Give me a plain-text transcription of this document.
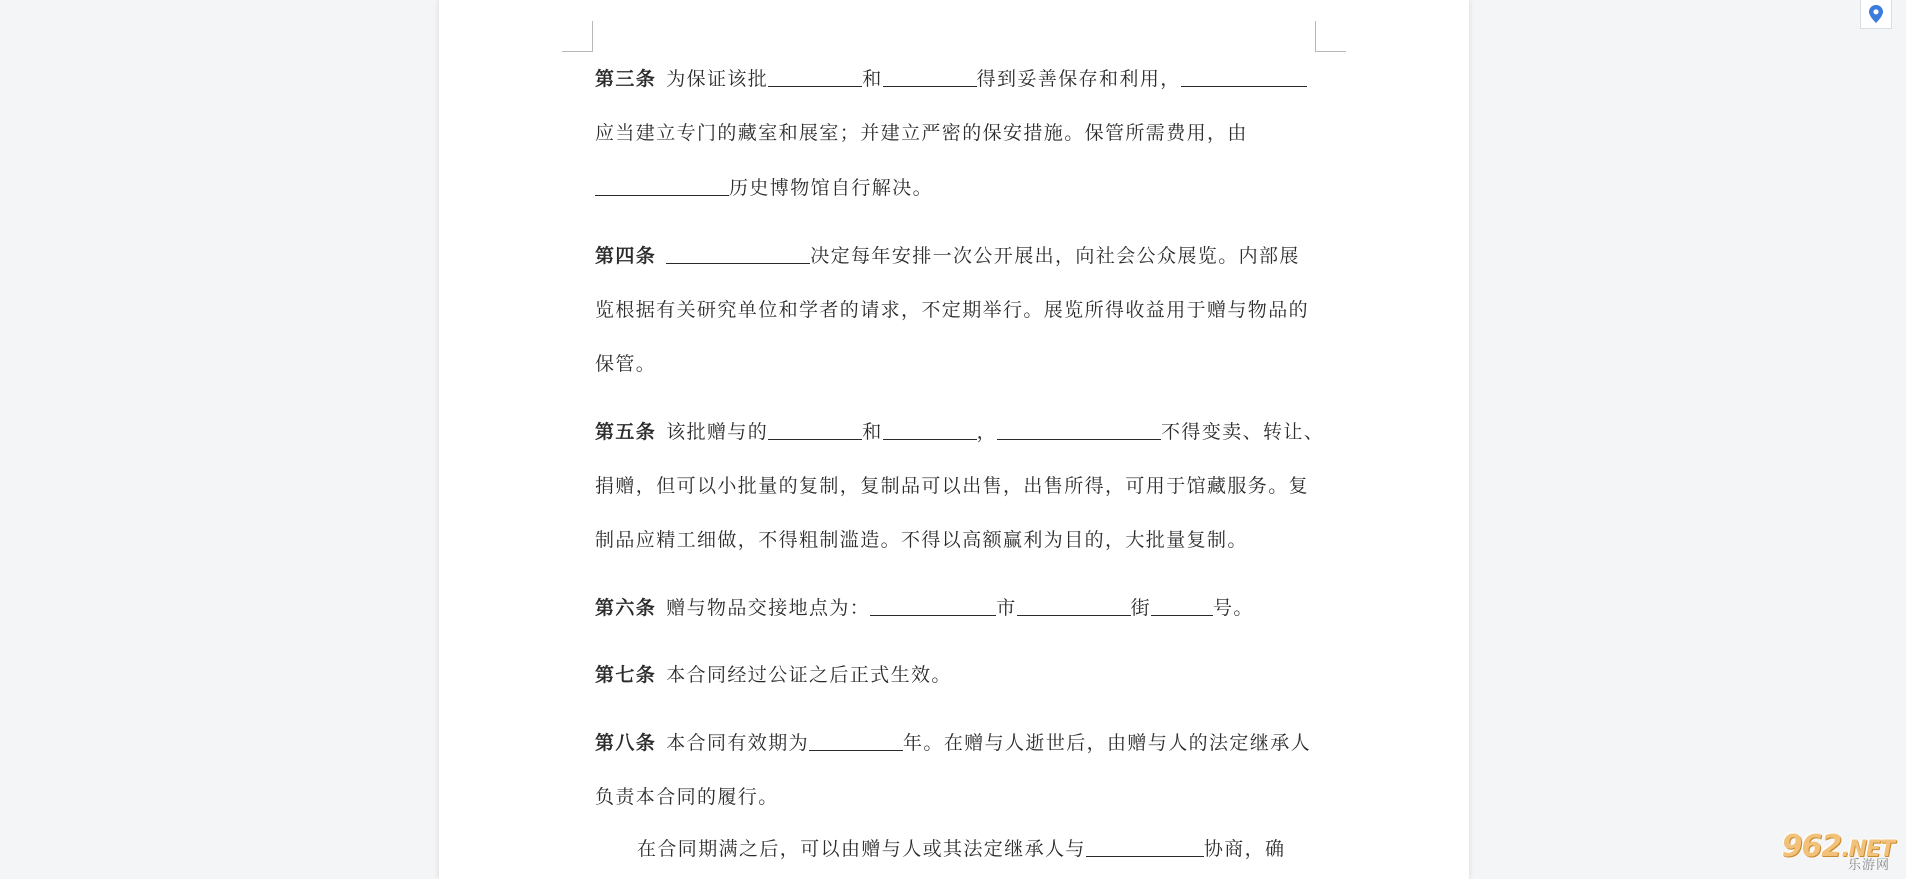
第三条 为保证该批	和	得到妥善保存和利用，
应当建立专门的藏室和展室；并建立严密的保安措施。保管所需费用，由
历史博物馆自行解决。
第四条	决定每年安排一次公开展出，向社会公众展览。内部展
览根据有关研究单位和学者的请求，不定期举行。展览所得收益用于赠与物品的
保管。
第五条 该批赠与的	和	，	不得变卖、转让、
捐赠，但可以小批量的复制，复制品可以出售，出售所得，可用于馆藏服务。复
制品应精工细做，不得粗制滥造。不得以高额赢利为目的，大批量复制。
第六条 赠与物品交接地点为：	市	街	号。
第七条 本合同经过公证之后正式生效。
第八条 本合同有效期为	年。在赠与人逝世后，由赠与人的法定继承人
负责本合同的履行。
在合同期满之后，可以由赠与人或其法定继承人与	协商，确	962.NET
乐游网
